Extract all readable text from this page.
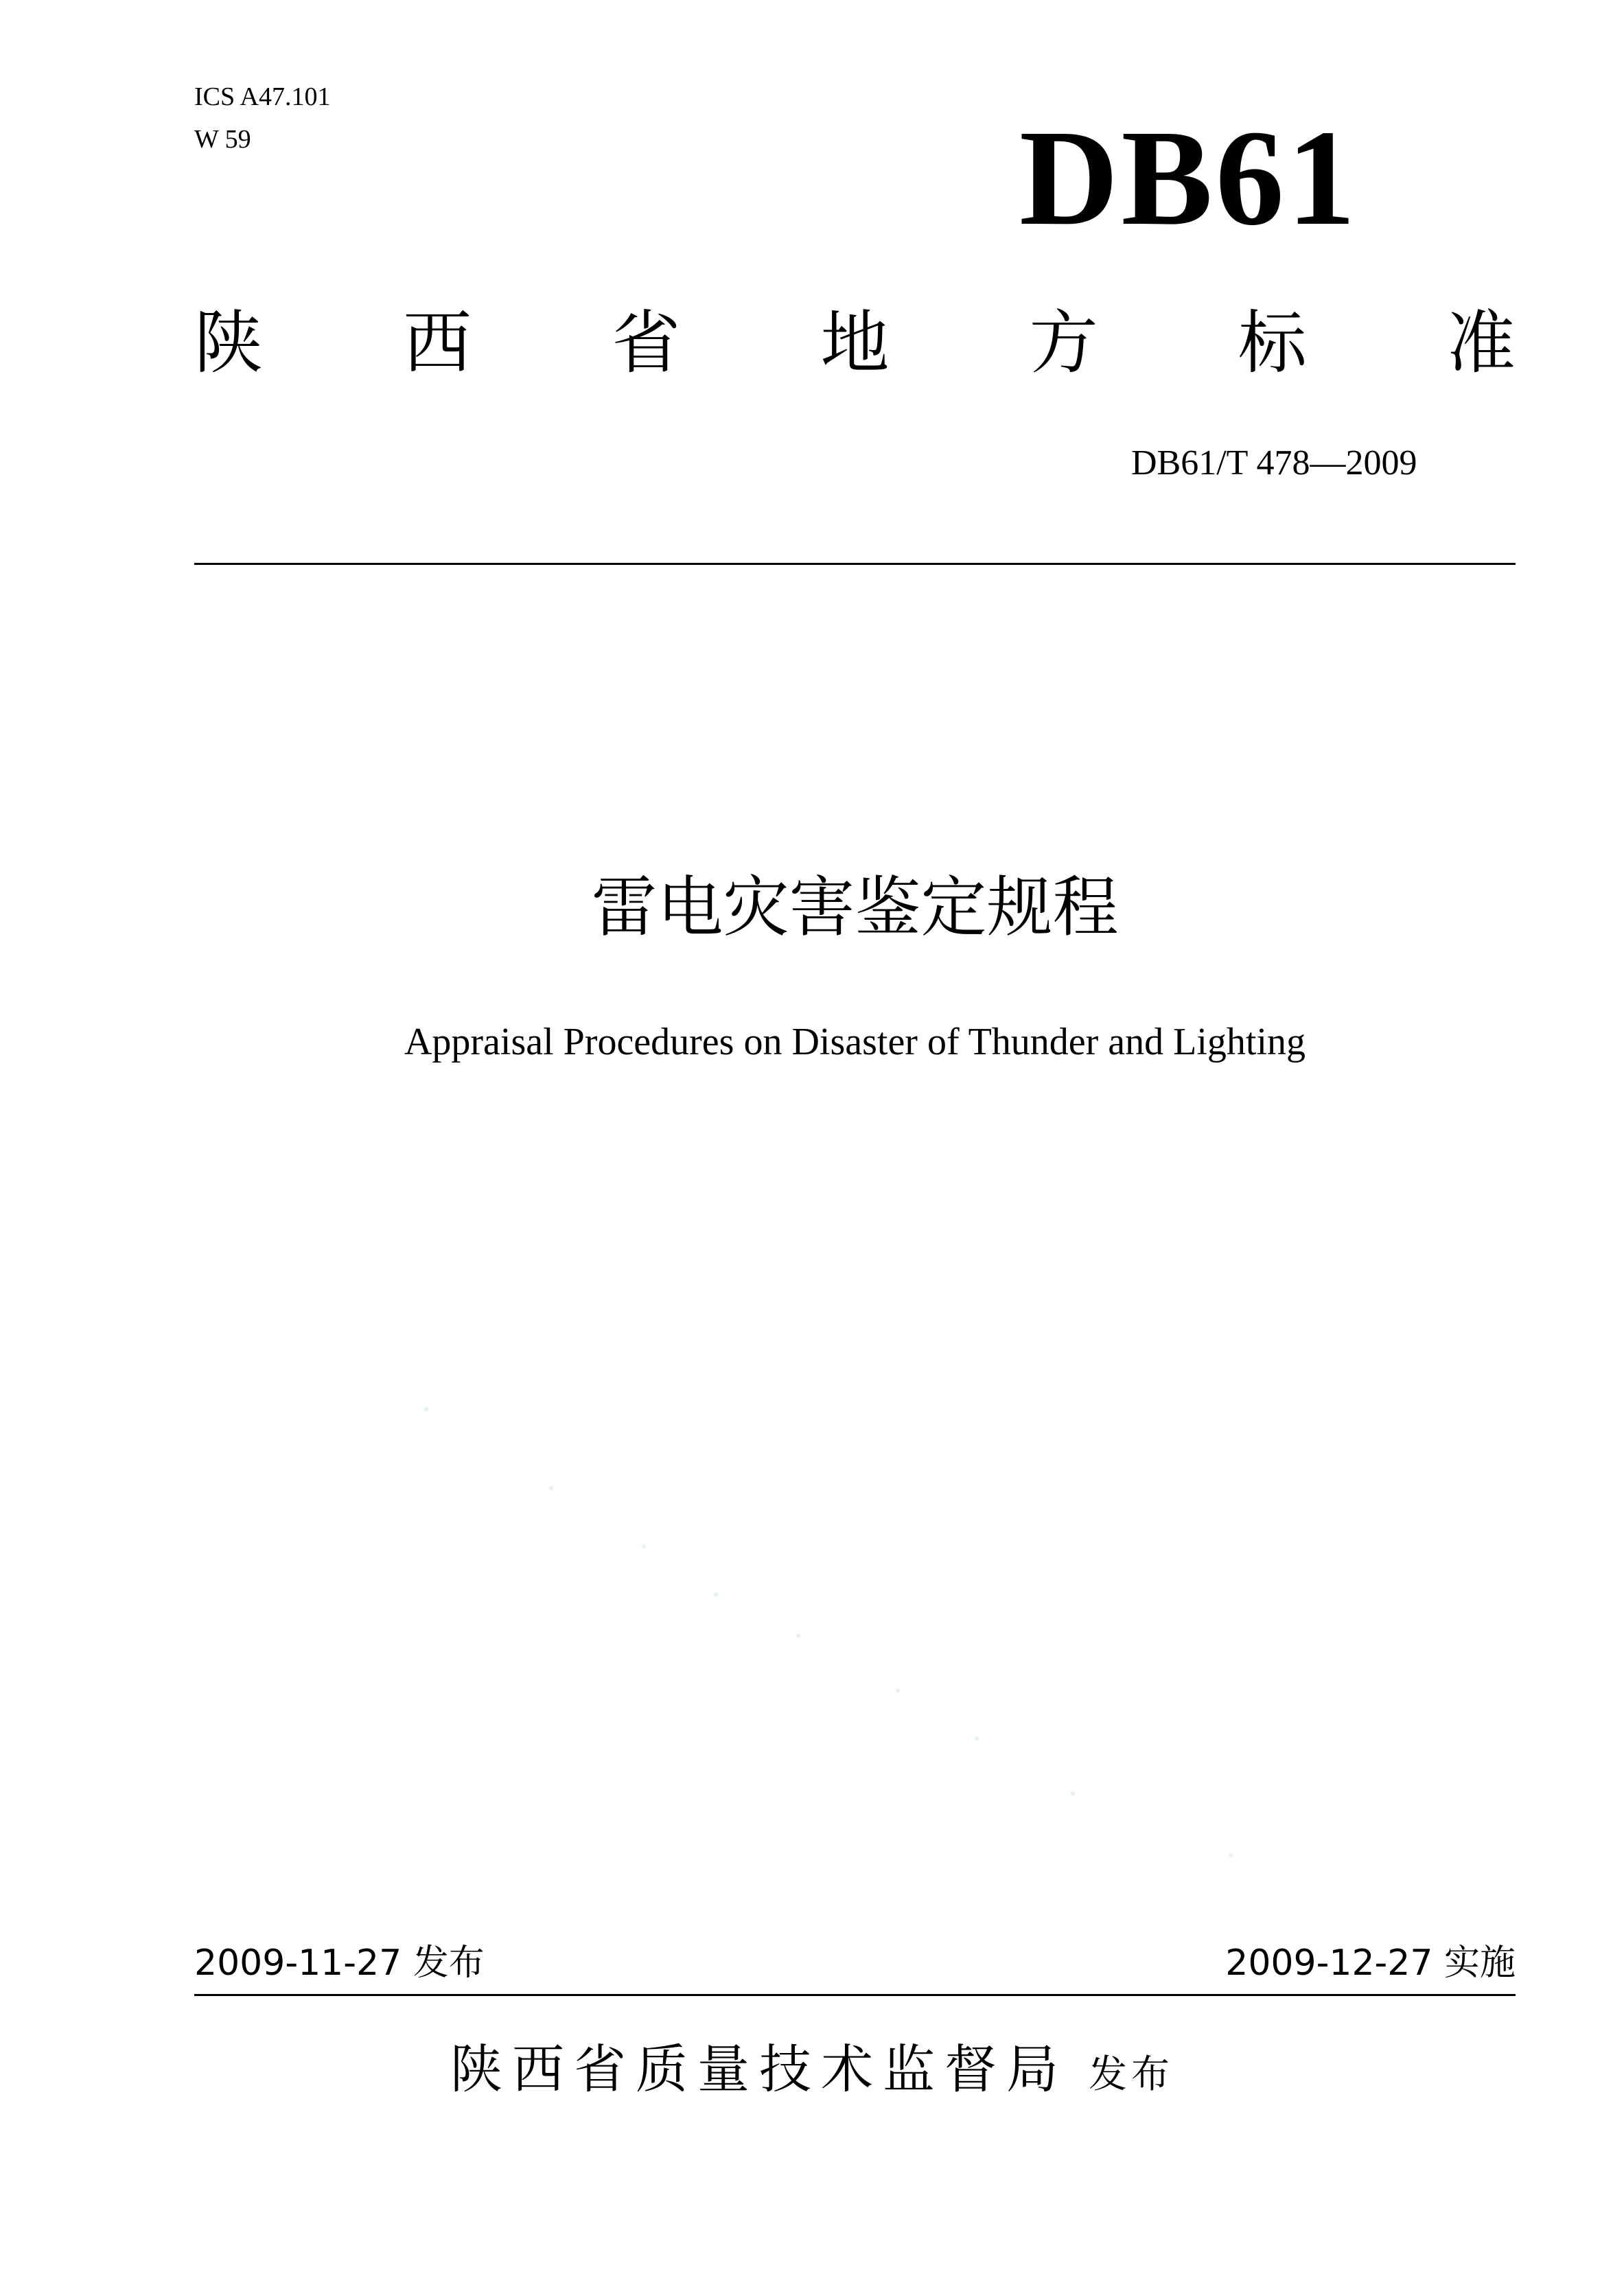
ICS A47.101
W 59	DB61
陕 西 省 地 方 标 准
DB61/T 478—2009
雷电灾害鉴定规程
Appraisal Procedures on Disaster of Thunder and Lighting
2009-11-27 发布	2009-12-27 实施
陕西省质量技术监督局 发布
